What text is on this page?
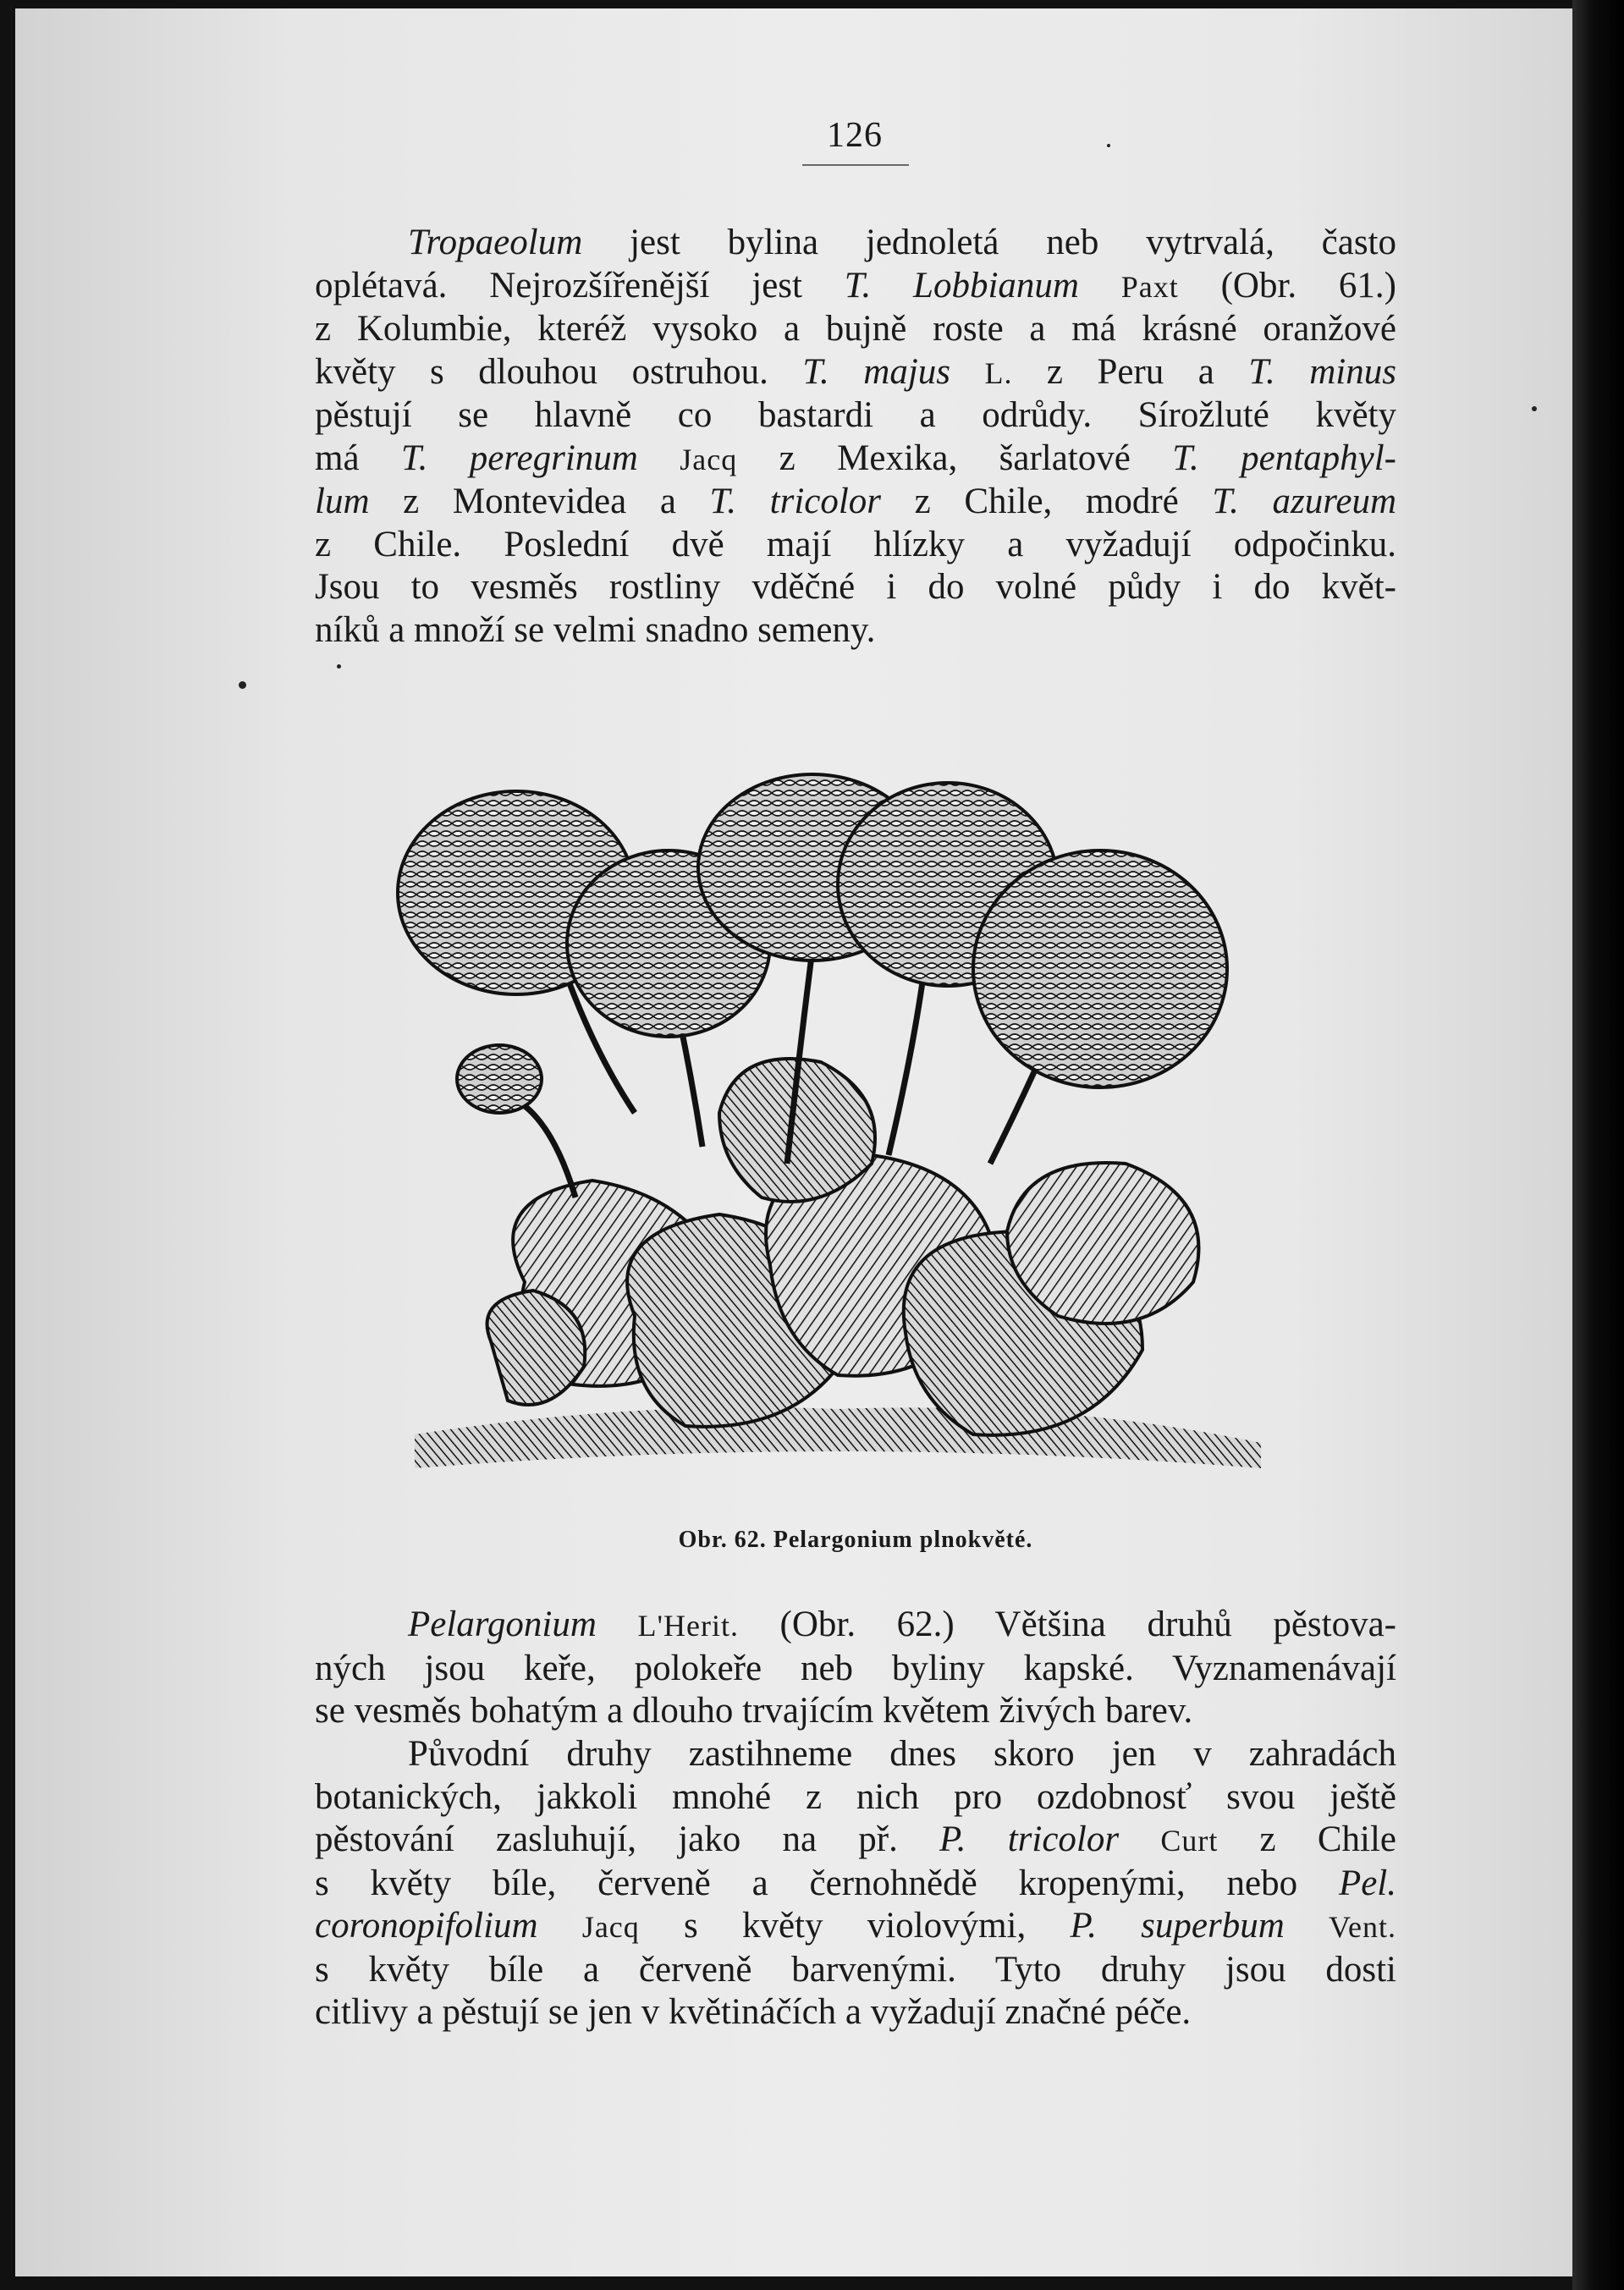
126

Tropaeolum jest bylina jednoletá neb vytrvalá, často
oplétavá. Nejrozšířenější jest T. Lobbianum Paxt (Obr. 61.)
z Kolumbie, kteréž vysoko a bujně roste a má krásné oranžové
květy s dlouhou ostruhou. T. majus L. z Peru a T. minus
pěstují se hlavně co bastardi a odrůdy. Sírožluté květy
má T. peregrinum Jacq z Mexika, šarlatové T. pentaphyl-
lum z Montevidea a T. tricolor z Chile, modré T. azureum
z Chile. Poslední dvě mají hlízky a vyžadují odpočinku.
Jsou to vesměs rostliny vděčné i do volné půdy i do květ-
níků a množí se velmi snadno semeny.

Obr. 62. Pelargonium plnokvěté.

Pelargonium L'Herit. (Obr. 62.) Většina druhů pěstova-
ných jsou keře, polokeře neb byliny kapské. Vyznamenávají
se vesměs bohatým a dlouho trvajícím květem živých barev.

Původní druhy zastihneme dnes skoro jen v zahradách
botanických, jakkoli mnohé z nich pro ozdobnosť svou ještě
pěstování zasluhují, jako na př. P. tricolor Curt z Chile
s květy bíle, červeně a černohnědě kropenými, nebo Pel.
coronopifolium Jacq s květy violovými, P. superbum Vent.
s květy bíle a červeně barvenými. Tyto druhy jsou dosti
citlivy a pěstují se jen v květináčích a vyžadují značné péče.
